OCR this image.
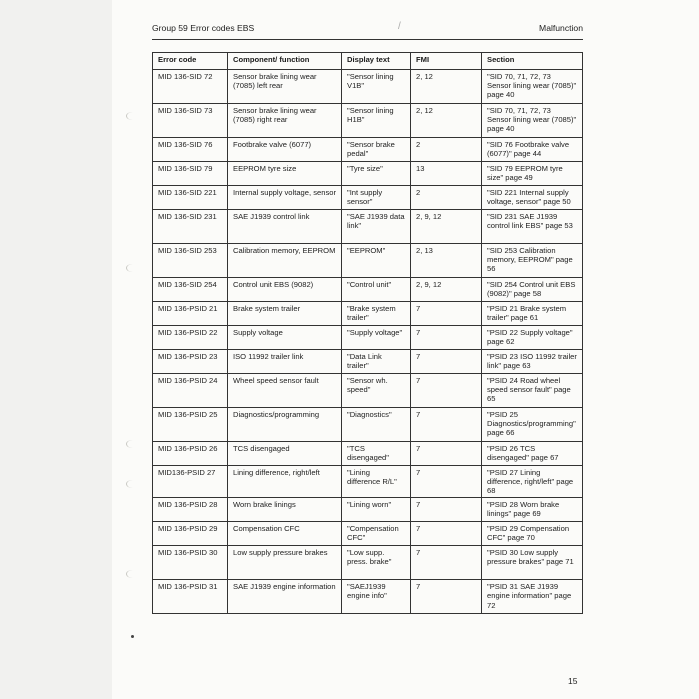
Group 59 Error codes EBS	/	Malfunction
Error code	Component/ function	Display text	FMI	Section
MID 136-SID 72	Sensor brake lining wear (7085) left rear	"Sensor lining V1B"	2, 12	"SID 70, 71, 72, 73 Sensor lining wear (7085)" page 40
MID 136-SID 73	Sensor brake lining wear (7085) right rear	"Sensor lining H1B"	2, 12	"SID 70, 71, 72, 73 Sensor lining wear (7085)" page 40
MID 136-SID 76	Footbrake valve (6077)	"Sensor brake pedal"	2	"SID 76 Footbrake valve (6077)" page 44
MID 136-SID 79	EEPROM tyre size	"Tyre size"	13	"SID 79 EEPROM tyre size" page 49
MID 136-SID 221	Internal supply voltage, sensor	"Int supply sensor"	2	"SID 221 Internal supply voltage, sensor" page 50
MID 136-SID 231	SAE J1939 control link	"SAE J1939 data link"	2, 9, 12	"SID 231 SAE J1939 control link EBS" page 53
MID 136-SID 253	Calibration memory, EEPROM	"EEPROM"	2, 13	"SID 253 Calibration memory, EEPROM" page 56
MID 136-SID 254	Control unit EBS (9082)	"Control unit"	2, 9, 12	"SID 254 Control unit EBS (9082)" page 58
MID 136-PSID 21	Brake system trailer	"Brake system trailer"	7	"PSID 21 Brake system trailer" page 61
MID 136-PSID 22	Supply voltage	"Supply voltage"	7	"PSID 22 Supply voltage" page 62
MID 136-PSID 23	ISO 11992 trailer link	"Data Link trailer"	7	"PSID 23 ISO 11992 trailer link" page 63
MID 136-PSID 24	Wheel speed sensor fault	"Sensor wh. speed"	7	"PSID 24 Road wheel speed sensor fault" page 65
MID 136-PSID 25	Diagnostics/programming	"Diagnostics"	7	"PSID 25 Diagnostics/programming" page 66
MID 136-PSID 26	TCS disengaged	"TCS disengaged"	7	"PSID 26 TCS disengaged" page 67
MID136-PSID 27	Lining difference, right/left	"Lining difference R/L"	7	"PSID 27 Lining difference, right/left" page 68
MID 136-PSID 28	Worn brake linings	"Lining worn"	7	"PSID 28 Worn brake linings" page 69
MID 136-PSID 29	Compensation CFC	"Compensation CFC"	7	"PSID 29 Compensation CFC" page 70
MID 136-PSID 30	Low supply pressure brakes	"Low supp. press. brake"	7	"PSID 30 Low supply pressure brakes" page 71
MID 136-PSID 31	SAE J1939 engine information	"SAEJ1939 engine info"	7	"PSID 31 SAE J1939 engine information" page 72
15
